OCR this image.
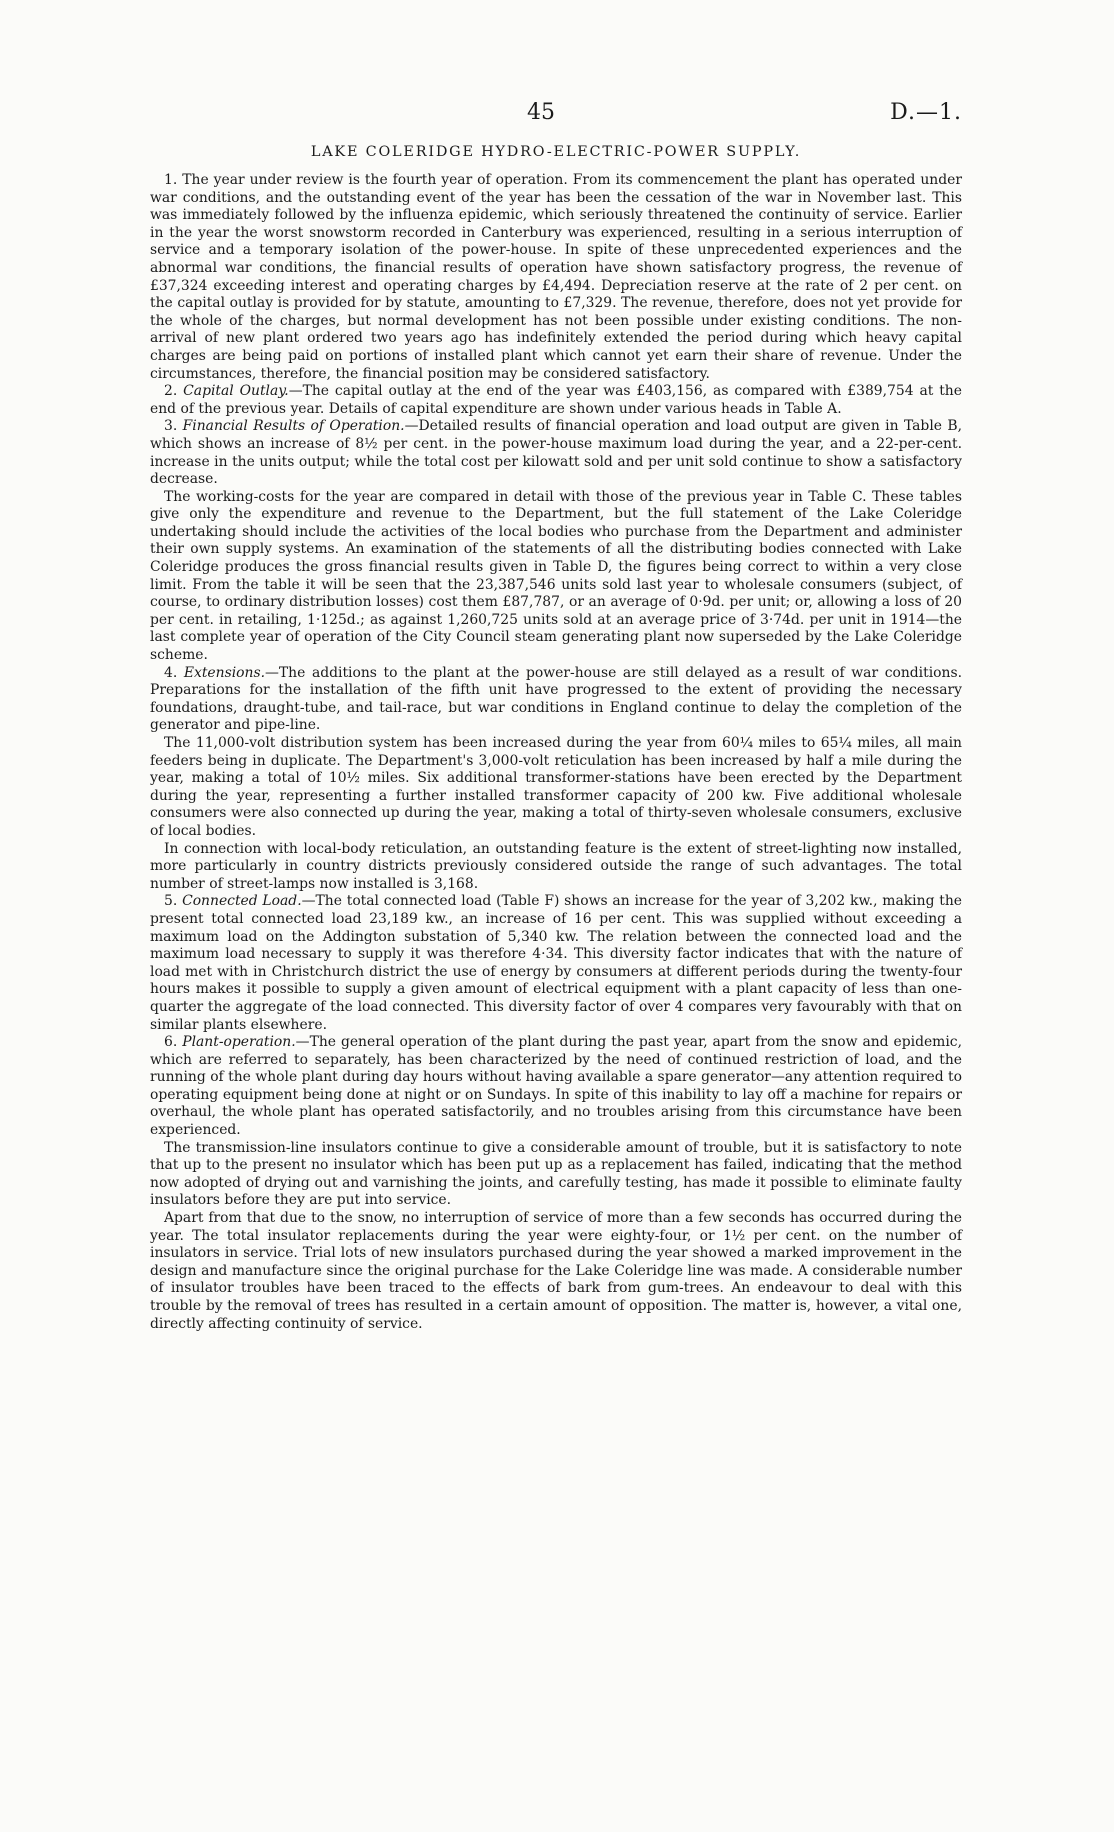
45	D.—1.
LAKE COLERIDGE HYDRO-ELECTRIC-POWER SUPPLY.

1. The year under review is the fourth year of operation. From its commencement the plant has operated under war conditions, and the outstanding event of the year has been the cessation of the war in November last. This was immediately followed by the influenza epidemic, which seriously threatened the continuity of service. Earlier in the year the worst snowstorm recorded in Canterbury was experienced, resulting in a serious interruption of service and a temporary isolation of the power-house. In spite of these unprecedented experiences and the abnormal war conditions, the financial results of operation have shown satisfactory progress, the revenue of £37,324 exceeding interest and operating charges by £4,494. Depreciation reserve at the rate of 2 per cent. on the capital outlay is provided for by statute, amounting to £7,329. The revenue, therefore, does not yet provide for the whole of the charges, but normal development has not been possible under existing conditions. The non-arrival of new plant ordered two years ago has indefinitely extended the period during which heavy capital charges are being paid on portions of installed plant which cannot yet earn their share of revenue. Under the circumstances, therefore, the financial position may be considered satisfactory.

2. Capital Outlay.—The capital outlay at the end of the year was £403,156, as compared with £389,754 at the end of the previous year. Details of capital expenditure are shown under various heads in Table A.

3. Financial Results of Operation.—Detailed results of financial operation and load output are given in Table B, which shows an increase of 8½ per cent. in the power-house maximum load during the year, and a 22-per-cent. increase in the units output; while the total cost per kilowatt sold and per unit sold continue to show a satisfactory decrease.

The working-costs for the year are compared in detail with those of the previous year in Table C. These tables give only the expenditure and revenue to the Department, but the full statement of the Lake Coleridge undertaking should include the activities of the local bodies who purchase from the Department and administer their own supply systems. An examination of the statements of all the distributing bodies connected with Lake Coleridge produces the gross financial results given in Table D, the figures being correct to within a very close limit. From the table it will be seen that the 23,387,546 units sold last year to wholesale consumers (subject, of course, to ordinary distribution losses) cost them £87,787, or an average of 0·9d. per unit; or, allowing a loss of 20 per cent. in retailing, 1·125d.; as against 1,260,725 units sold at an average price of 3·74d. per unit in 1914—the last complete year of operation of the City Council steam generating plant now superseded by the Lake Coleridge scheme.

4. Extensions.—The additions to the plant at the power-house are still delayed as a result of war conditions. Preparations for the installation of the fifth unit have progressed to the extent of providing the necessary foundations, draught-tube, and tail-race, but war conditions in England continue to delay the completion of the generator and pipe-line.

The 11,000-volt distribution system has been increased during the year from 60¼ miles to 65¼ miles, all main feeders being in duplicate. The Department's 3,000-volt reticulation has been increased by half a mile during the year, making a total of 10½ miles. Six additional transformer-stations have been erected by the Department during the year, representing a further installed transformer capacity of 200 kw. Five additional wholesale consumers were also connected up during the year, making a total of thirty-seven wholesale consumers, exclusive of local bodies.

In connection with local-body reticulation, an outstanding feature is the extent of street-lighting now installed, more particularly in country districts previously considered outside the range of such advantages. The total number of street-lamps now installed is 3,168.

5. Connected Load.—The total connected load (Table F) shows an increase for the year of 3,202 kw., making the present total connected load 23,189 kw., an increase of 16 per cent. This was supplied without exceeding a maximum load on the Addington substation of 5,340 kw. The relation between the connected load and the maximum load necessary to supply it was therefore 4·34. This diversity factor indicates that with the nature of load met with in Christchurch district the use of energy by consumers at different periods during the twenty-four hours makes it possible to supply a given amount of electrical equipment with a plant capacity of less than one-quarter the aggregate of the load connected. This diversity factor of over 4 compares very favourably with that on similar plants elsewhere.

6. Plant-operation.—The general operation of the plant during the past year, apart from the snow and epidemic, which are referred to separately, has been characterized by the need of continued restriction of load, and the running of the whole plant during day hours without having available a spare generator—any attention required to operating equipment being done at night or on Sundays. In spite of this inability to lay off a machine for repairs or overhaul, the whole plant has operated satisfactorily, and no troubles arising from this circumstance have been experienced.

The transmission-line insulators continue to give a considerable amount of trouble, but it is satisfactory to note that up to the present no insulator which has been put up as a replacement has failed, indicating that the method now adopted of drying out and varnishing the joints, and carefully testing, has made it possible to eliminate faulty insulators before they are put into service.

Apart from that due to the snow, no interruption of service of more than a few seconds has occurred during the year. The total insulator replacements during the year were eighty-four, or 1½ per cent. on the number of insulators in service. Trial lots of new insulators purchased during the year showed a marked improvement in the design and manufacture since the original purchase for the Lake Coleridge line was made. A considerable number of insulator troubles have been traced to the effects of bark from gum-trees. An endeavour to deal with this trouble by the removal of trees has resulted in a certain amount of opposition. The matter is, however, a vital one, directly affecting continuity of service.
